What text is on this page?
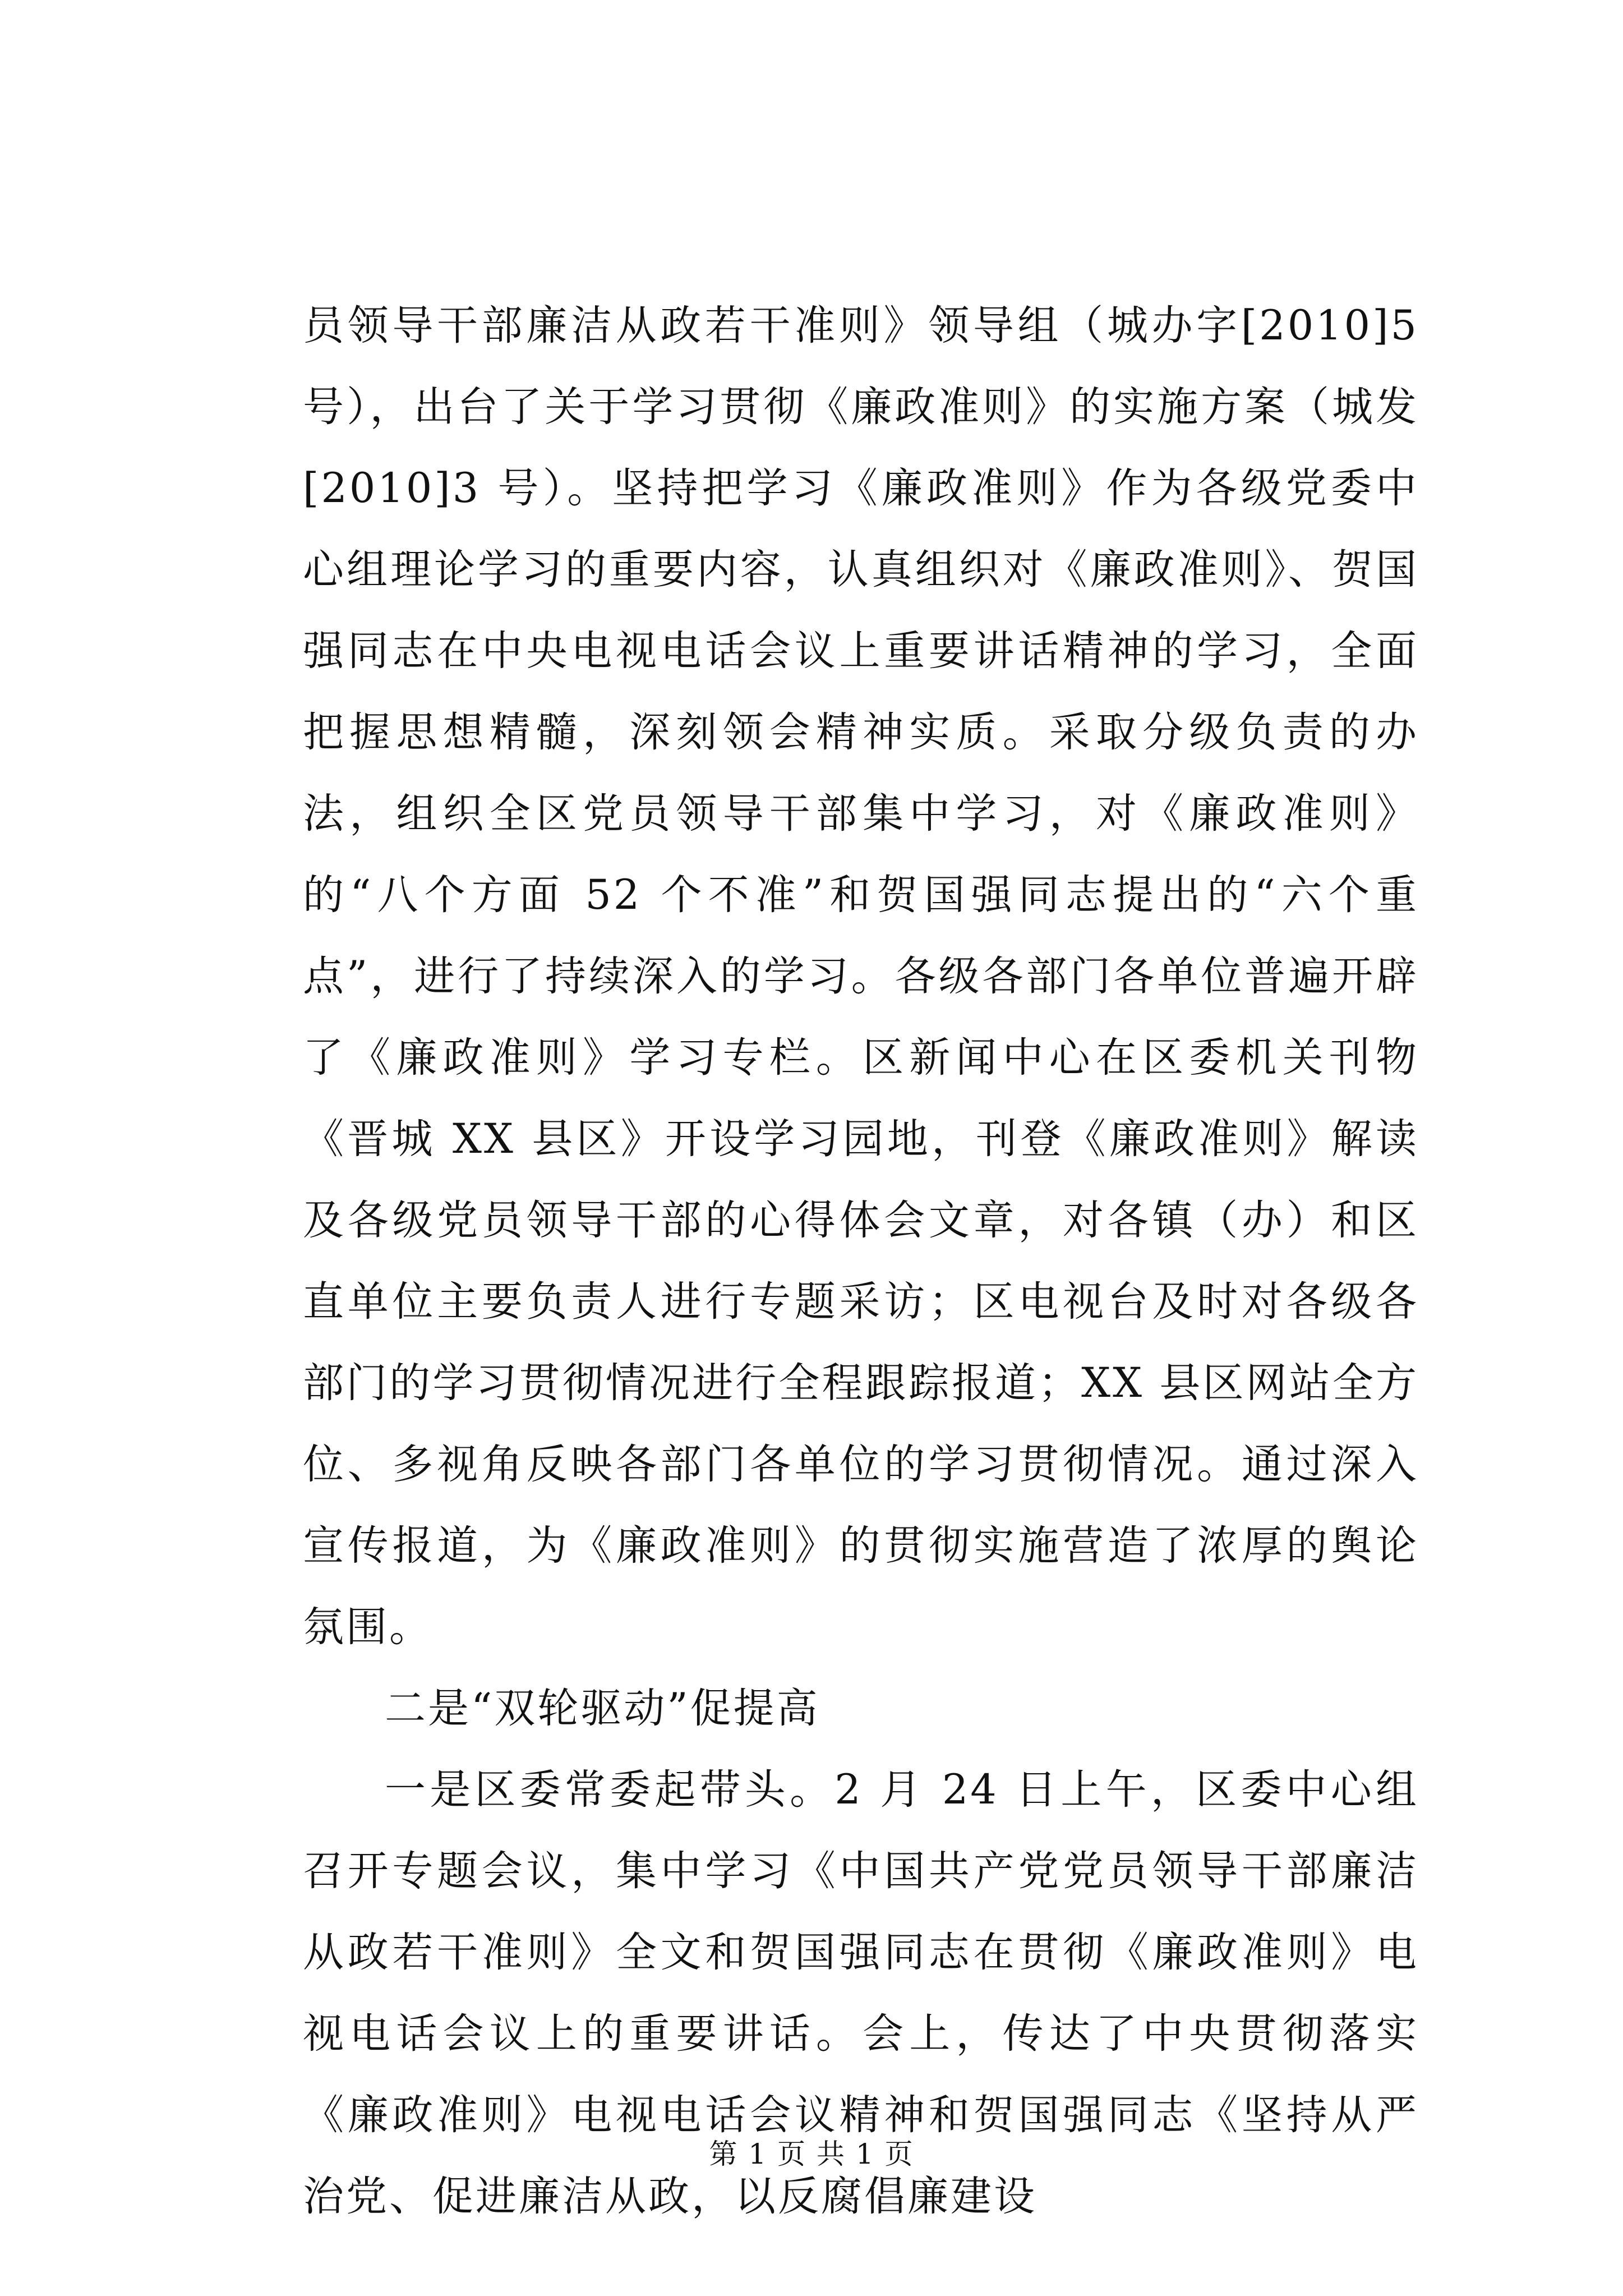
员领导干部廉洁从政若干准则》领导组（城办字[2010]5 号），出台了关于学习贯彻《廉政准则》的实施方案（城发[2010]3 号）。坚持把学习《廉政准则》作为各级党委中心组理论学习的重要内容，认真组织对《廉政准则》、贺国强同志在中央电视电话会议上重要讲话精神的学习，全面把握思想精髓，深刻领会精神实质。采取分级负责的办法，组织全区党员领导干部集中学习，对《廉政准则》的“八个方面 52 个不准”和贺国强同志提出的“六个重点”，进行了持续深入的学习。各级各部门各单位普遍开辟了《廉政准则》学习专栏。区新闻中心在区委机关刊物《晋城 XX 县区》开设学习园地，刊登《廉政准则》解读及各级党员领导干部的心得体会文章，对各镇（办）和区直单位主要负责人进行专题采访；区电视台及时对各级各部门的学习贯彻情况进行全程跟踪报道；XX 县区网站全方位、多视角反映各部门各单位的学习贯彻情况。通过深入宣传报道，为《廉政准则》的贯彻实施营造了浓厚的舆论氛围。

二是“双轮驱动”促提高

一是区委常委起带头。2 月 24 日上午，区委中心组召开专题会议，集中学习《中国共产党党员领导干部廉洁从政若干准则》全文和贺国强同志在贯彻《廉政准则》电视电话会议上的重要讲话。会上，传达了中央贯彻落实《廉政准则》电视电话会议精神和贺国强同志《坚持从严治党、促进廉洁从政，以反腐倡廉建设

第 1 页 共 1 页
